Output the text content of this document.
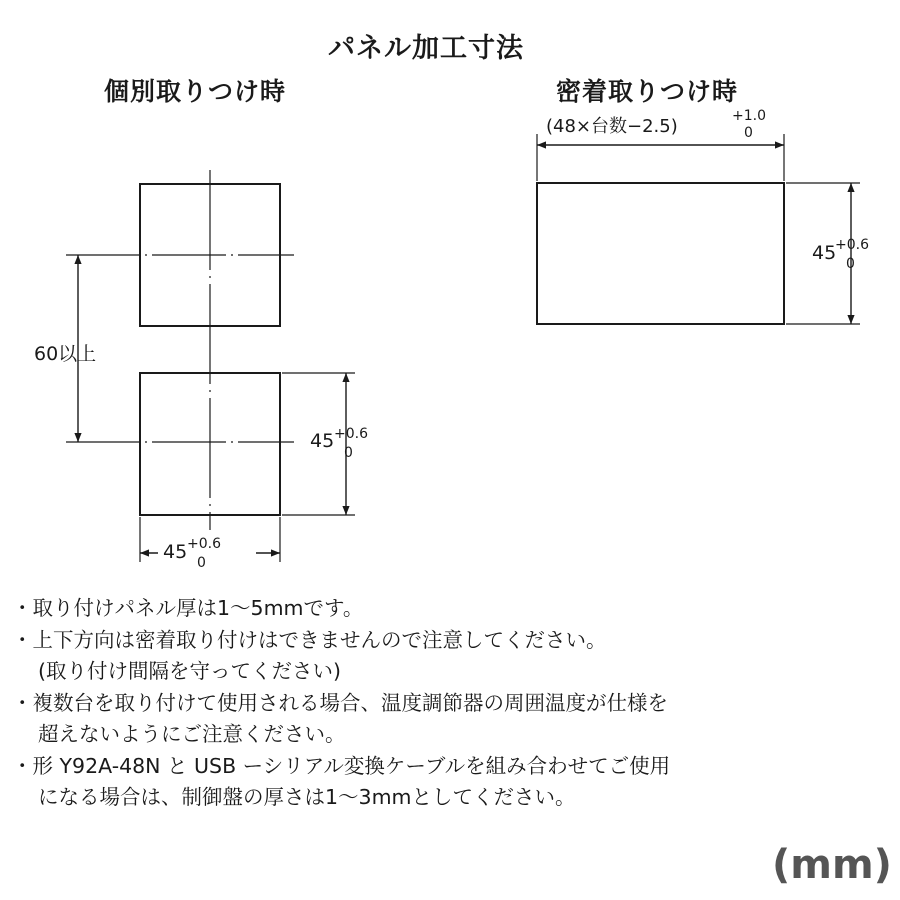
パネル加工寸法
個別取りつけ時	密着取りつけ時
60以上
45 +0.6
0
45 +0.6
0
(48×台数−2.5)	+1.0
0
45
+0.6
0

・取り付けパネル厚は1〜5mmです。

・上下方向は密着取り付けはできませんので注意してください。

(取り付け間隔を守ってください)

・複数台を取り付けて使用される場合、温度調節器の周囲温度が仕様を

超えないようにご注意ください。

・形 Y92A-48N と USB ーシリアル変換ケーブルを組み合わせてご使用

になる場合は、制御盤の厚さは1〜3mmとしてください。

(mm)
